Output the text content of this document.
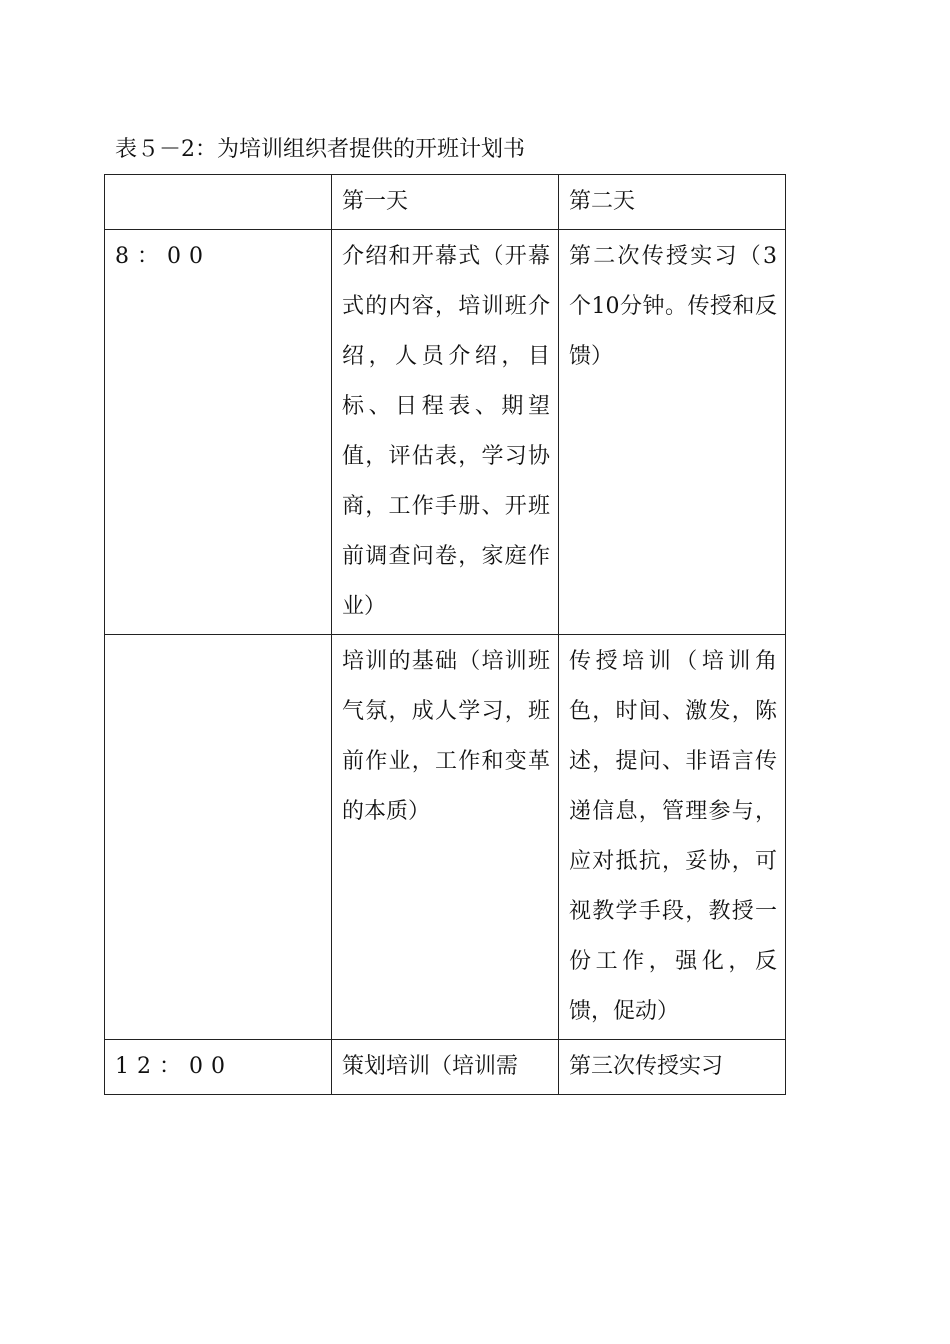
表５－2：为培训组织者提供的开班计划书
	第一天	第二天
8：00	介绍和开幕式（开幕式的内容，培训班介绍，人员介绍，目标、日程表、期望值，评估表，学习协商，工作手册、开班前调查问卷，家庭作业）	第二次传授实习（3个10分钟。传授和反馈）
	培训的基础（培训班气氛，成人学习，班前作业，工作和变革的本质）	传授培训（培训角色，时间、激发，陈述，提问、非语言传递信息，管理参与，应对抵抗，妥协，可视教学手段，教授一份工作，强化，反馈，促动）
12：00	策划培训（培训需	第三次传授实习
